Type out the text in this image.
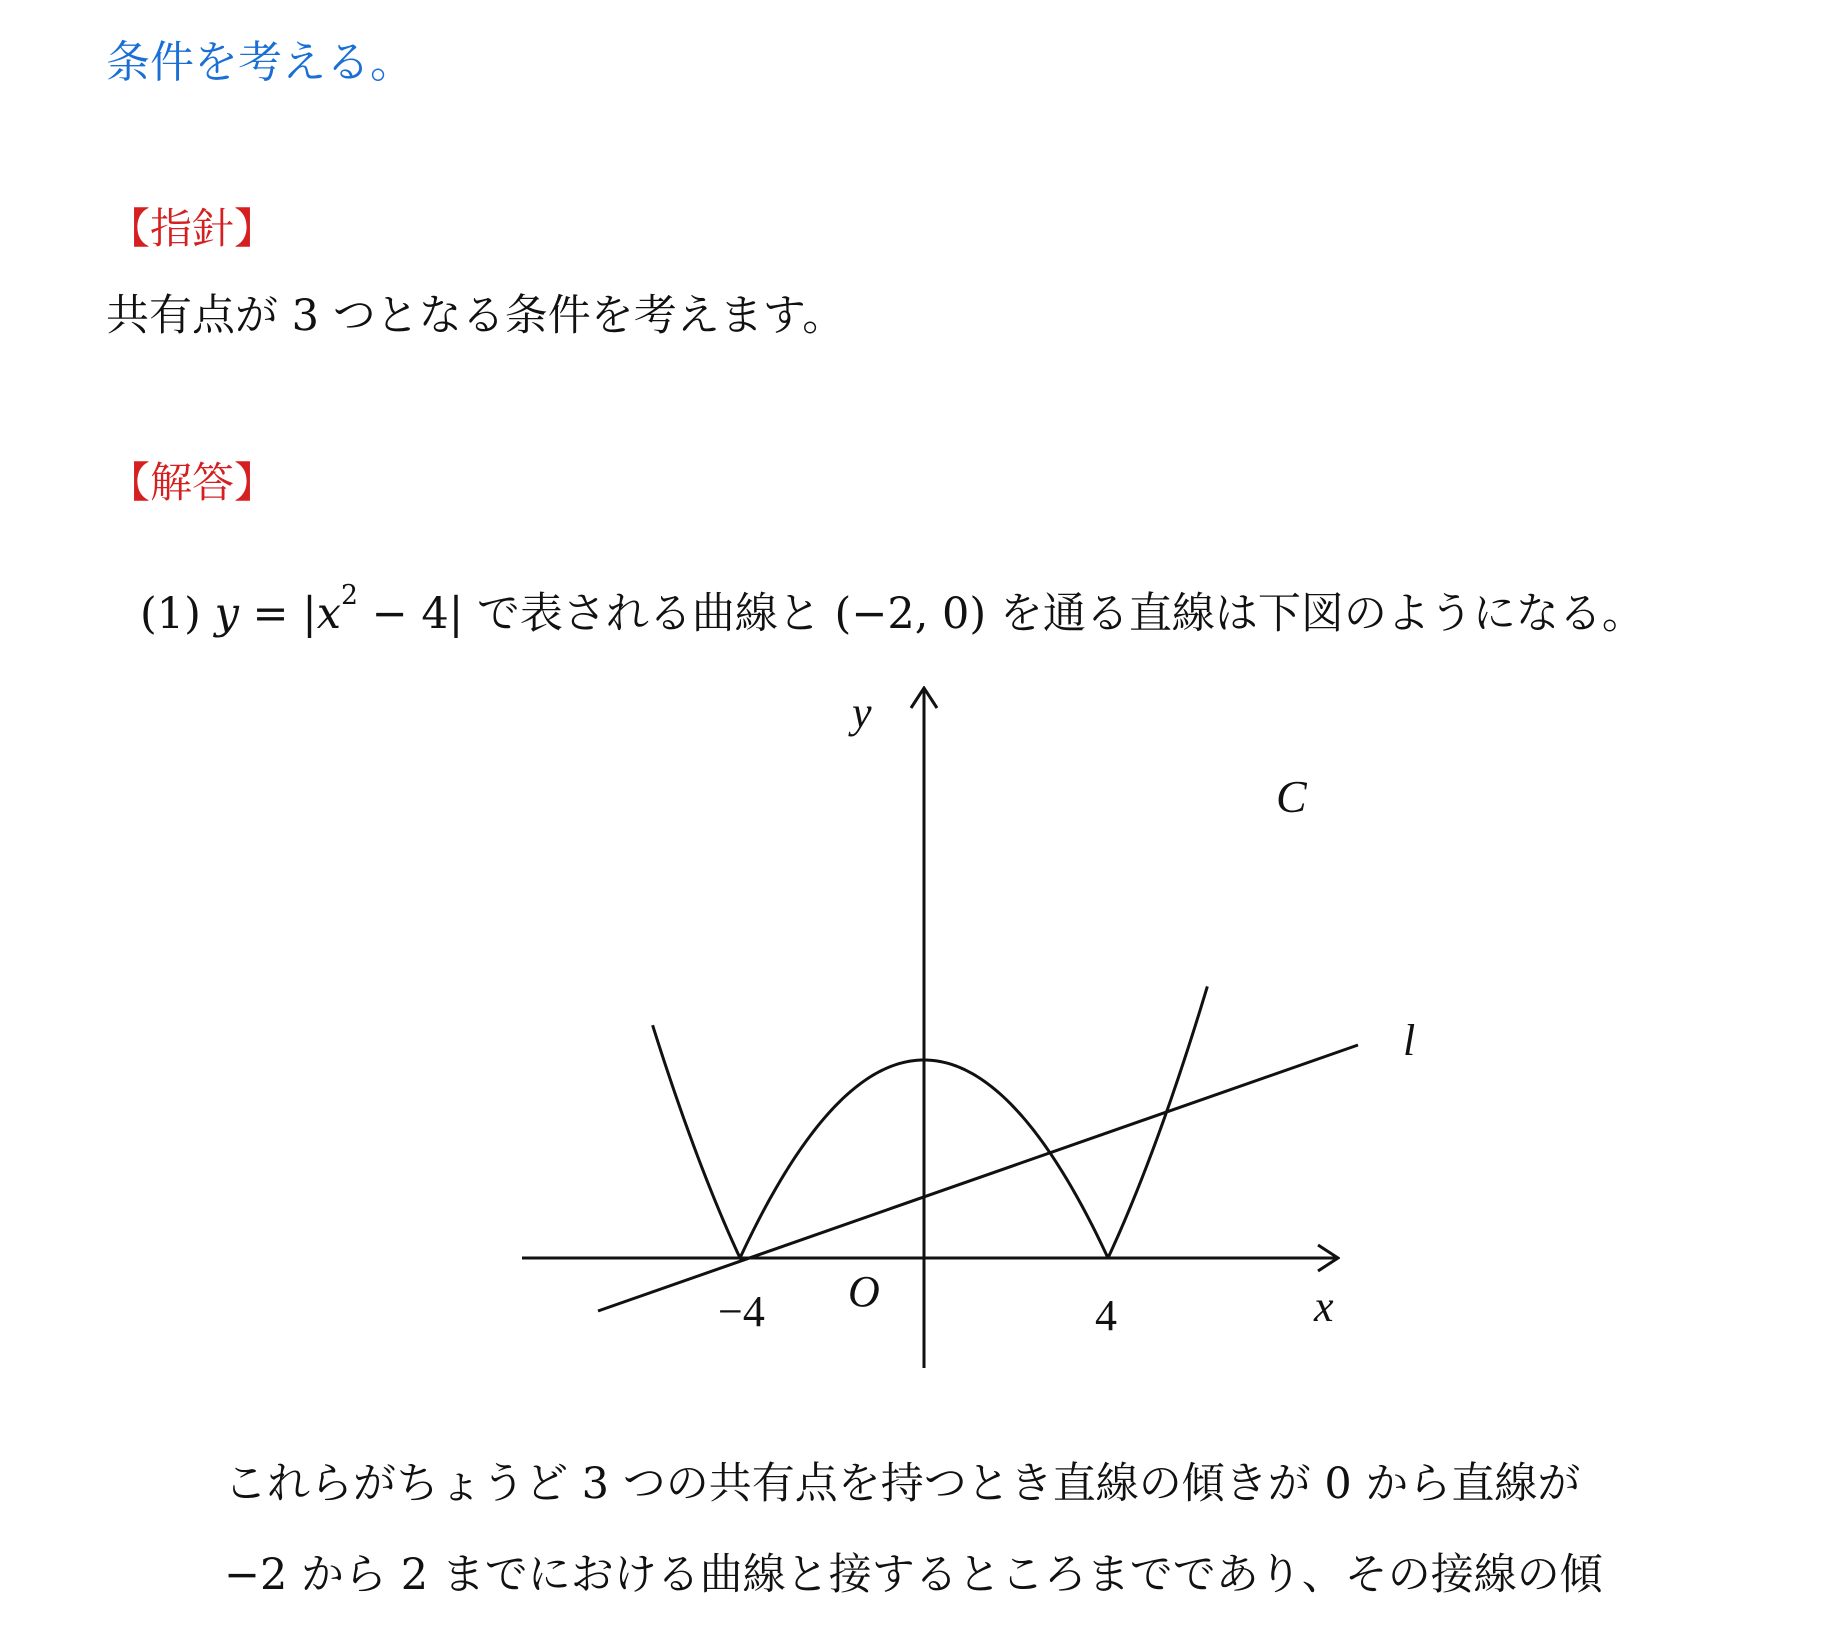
条件を考える。
【指針】
共有点が 3 つとなる条件を考えます。
【解答】
(1) $y = |x^2 - 4|$ で表される曲線と (−2, 0) を通る直線は下図のようになる。
y
x
O
−4	4
C
l
これらがちょうど 3 つの共有点を持つとき直線の傾きが 0 から直線が
−2 から 2 までにおける曲線と接するところまでであり、その接線の傾
